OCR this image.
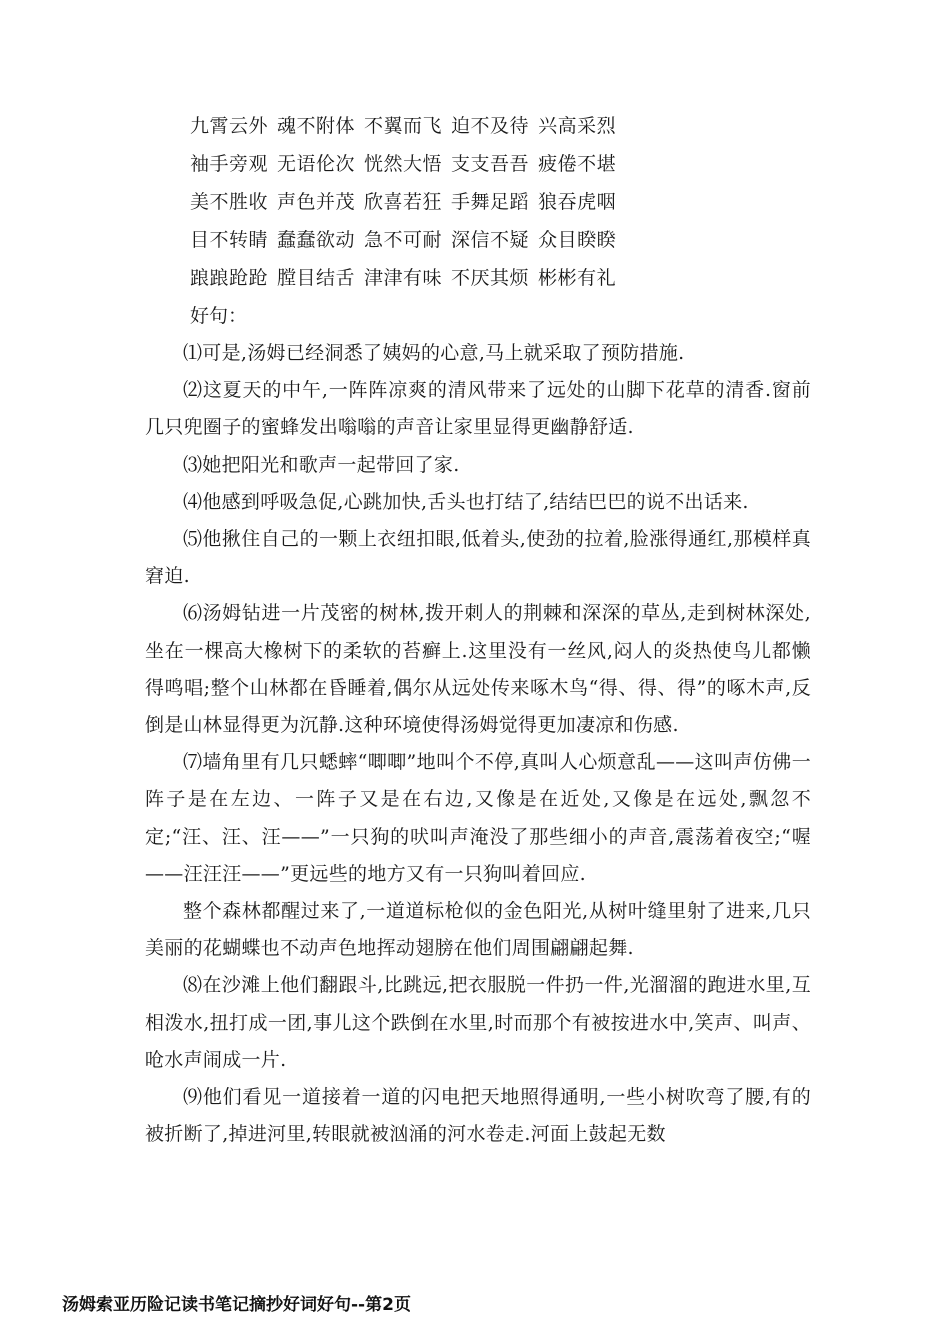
九霄云外 魂不附体 不翼而飞 迫不及待 兴高采烈
袖手旁观 无语伦次 恍然大悟 支支吾吾 疲倦不堪
美不胜收 声色并茂 欣喜若狂 手舞足蹈 狼吞虎咽
目不转睛 蠢蠢欲动 急不可耐 深信不疑 众目睽睽
踉踉跄跄 膛目结舌 津津有味 不厌其烦 彬彬有礼
好句：

⑴可是,汤姆已经洞悉了姨妈的心意,马上就采取了预防措施.

⑵这夏天的中午,一阵阵凉爽的清风带来了远处的山脚下花草的清香.窗前几只兜圈子的蜜蜂发出嗡嗡的声音让家里显得更幽静舒适.

⑶她把阳光和歌声一起带回了家.

⑷他感到呼吸急促,心跳加快,舌头也打结了,结结巴巴的说不出话来.

⑸他揪住自己的一颗上衣纽扣眼,低着头,使劲的拉着,脸涨得通红,那模样真窘迫.

⑹汤姆钻进一片茂密的树林,拨开刺人的荆棘和深深的草丛,走到树林深处,坐在一棵高大橡树下的柔软的苔癣上.这里没有一丝风,闷人的炎热使鸟儿都懒得鸣唱;整个山林都在昏睡着,偶尔从远处传来啄木鸟“得、得、得”的啄木声,反倒是山林显得更为沉静.这种环境使得汤姆觉得更加凄凉和伤感.

⑺墙角里有几只蟋蟀“唧唧”地叫个不停,真叫人心烦意乱——这叫声仿佛一阵子是在左边、一阵子又是在右边,又像是在近处,又像是在远处,飘忽不定;“汪、汪、汪——”一只狗的吠叫声淹没了那些细小的声音,震荡着夜空;“喔——汪汪汪——”更远些的地方又有一只狗叫着回应.

整个森林都醒过来了,一道道标枪似的金色阳光,从树叶缝里射了进来,几只美丽的花蝴蝶也不动声色地挥动翅膀在他们周围翩翩起舞.

⑻在沙滩上他们翻跟斗,比跳远,把衣服脱一件扔一件,光溜溜的跑进水里,互相泼水,扭打成一团,事儿这个跌倒在水里,时而那个有被按进水中,笑声、叫声、呛水声闹成一片.

⑼他们看见一道接着一道的闪电把天地照得通明,一些小树吹弯了腰,有的被折断了,掉进河里,转眼就被汹涌的河水卷走.河面上鼓起无数

汤姆索亚历险记读书笔记摘抄好词好句--第2页
